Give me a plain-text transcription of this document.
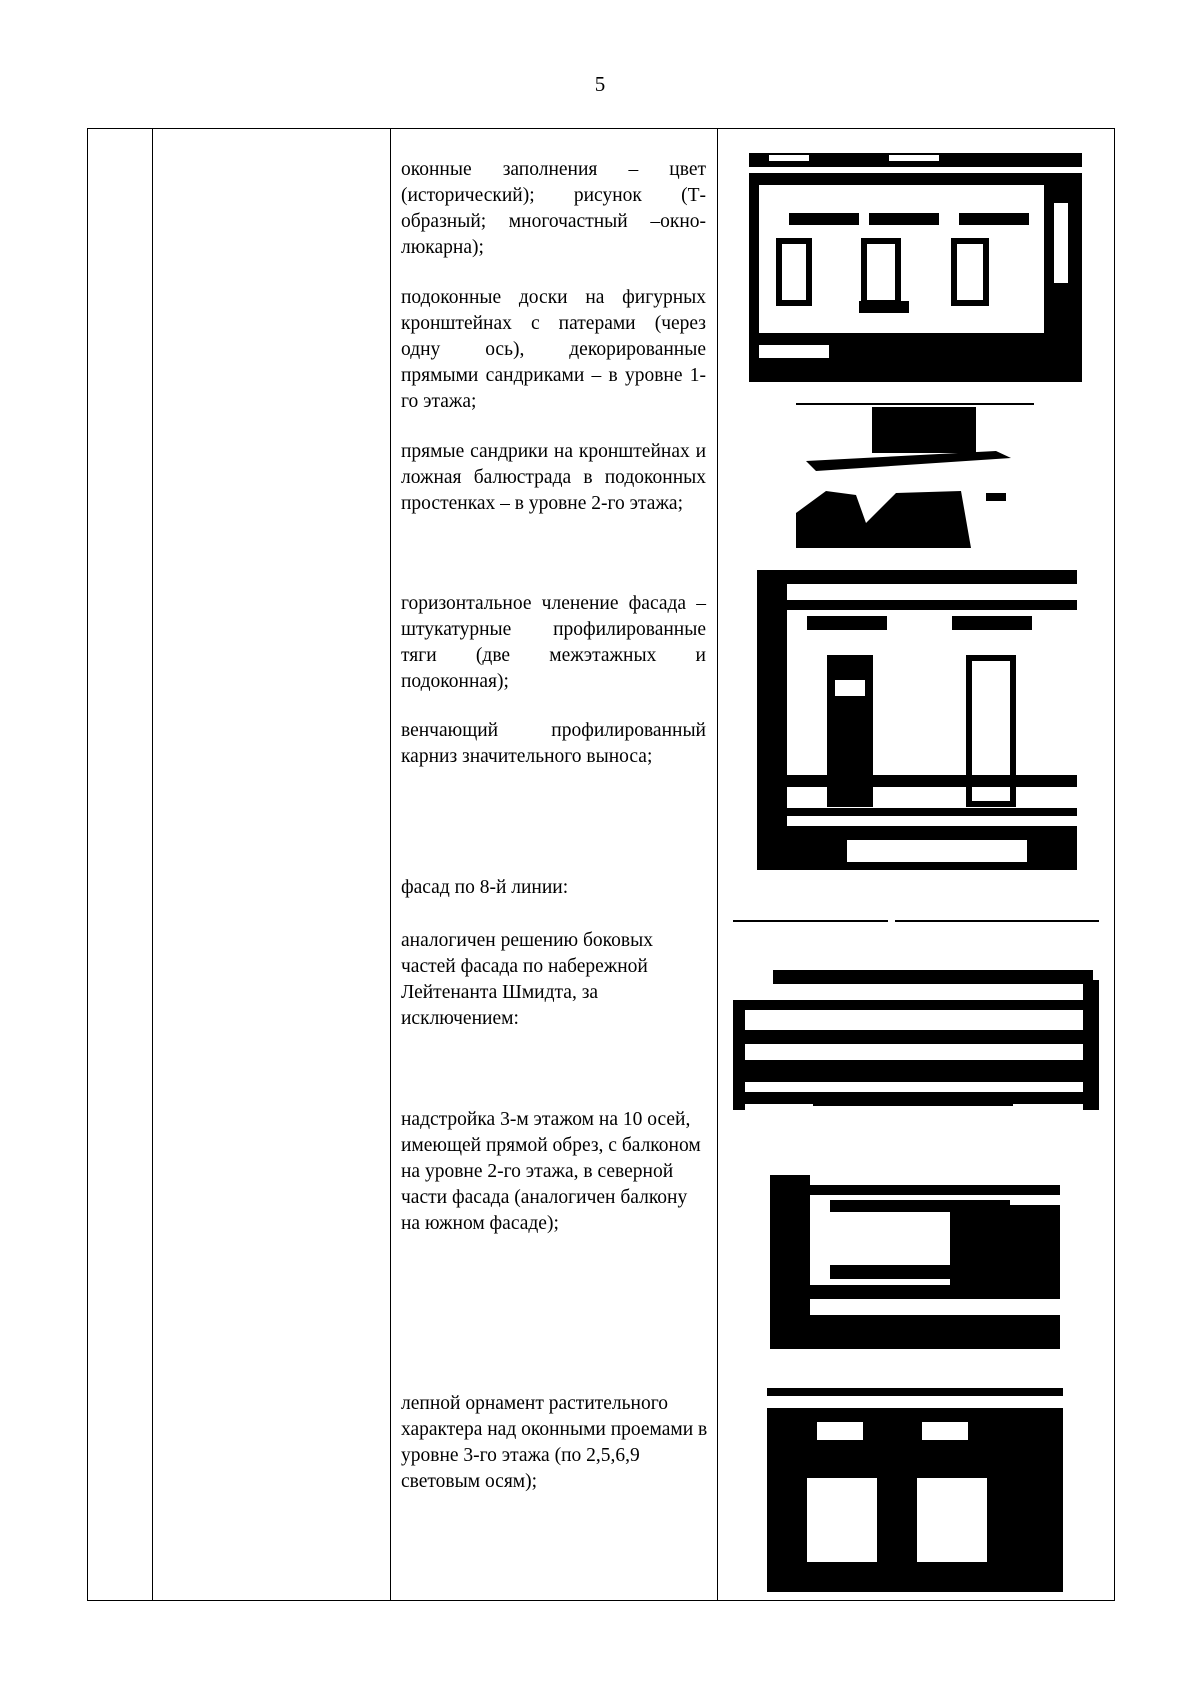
5

оконные заполнения – цвет (исторический); рисунок (Т-образный; многочастный –окно-люкарна);

подоконные доски на фигурных кронштейнах с патерами (через одну ось), декорированные прямыми сандриками – в уровне 1-го этажа;

прямые сандрики на кронштейнах и ложная балюстрада в подоконных простенках – в уровне 2-го этажа;

горизонтальное членение фасада – штукатурные профилированные тяги (две межэтажных и подоконная);

венчающий профилированный карниз значительного выноса;

фасад по 8-й линии:

аналогичен решению боковых частей фасада по набережной Лейтенанта Шмидта, за исключением:

надстройка 3-м этажом на 10 осей, имеющей прямой обрез, с балконом на уровне 2-го этажа, в северной части фасада (аналогичен балкону на южном фасаде);

лепной орнамент растительного характера над оконными проемами в уровне 3-го этажа (по 2,5,6,9 световым осям);
